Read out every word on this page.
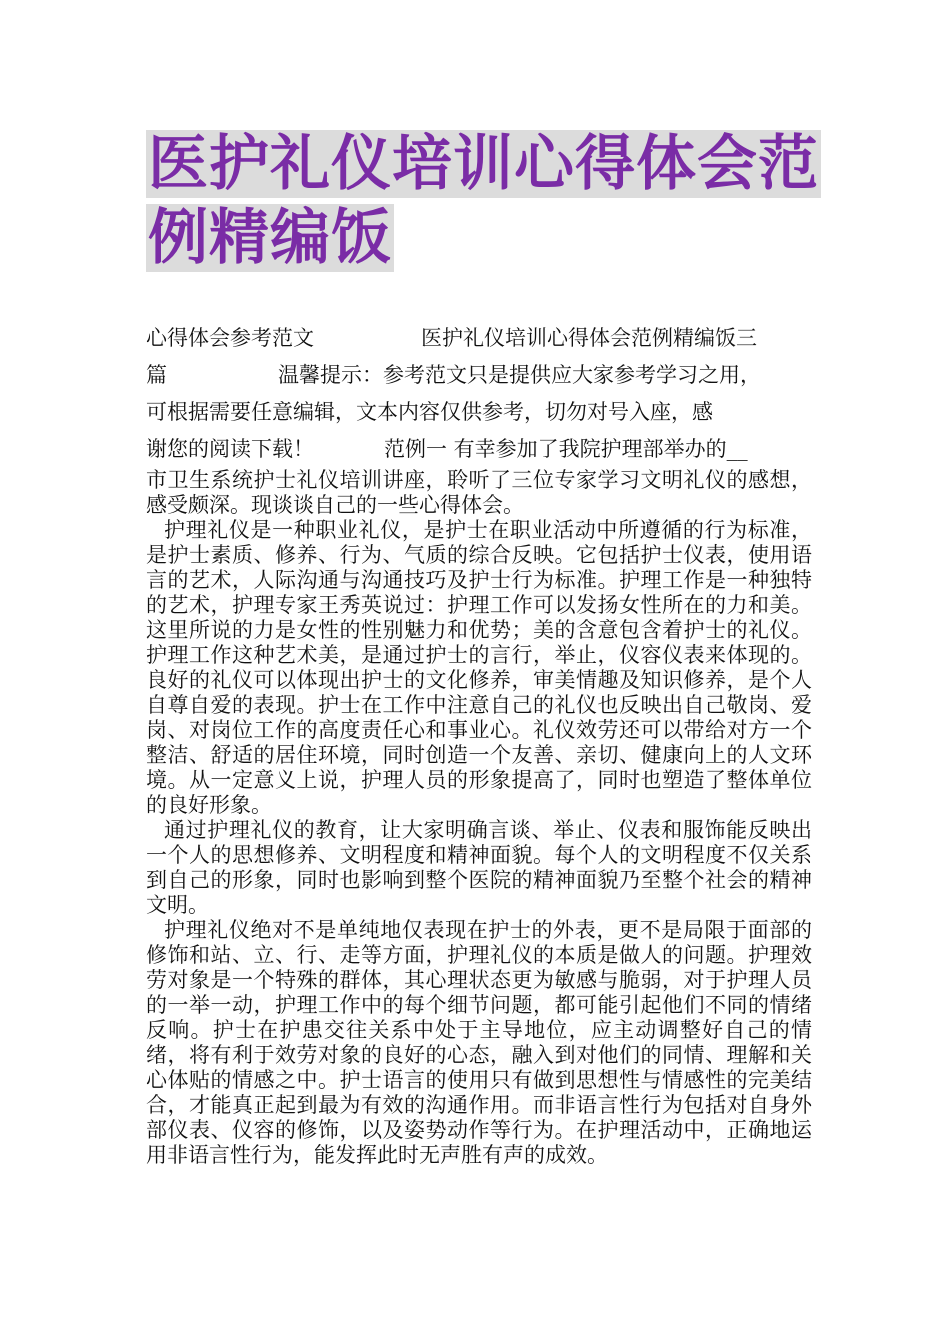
医护礼仪培训心得体会范
例精编饭
心得体会参考范文	医护礼仪培训心得体会范例精编饭三
篇	温馨提示：参考范文只是提供应大家参考学习之用，
可根据需要任意编辑，文本内容仅供参考，切勿对号入座，感
谢您的阅读下载！	范例一 有幸参加了我院护理部举办的__

市卫生系统护士礼仪培训讲座，聆听了三位专家学习文明礼仪的感想，感受颇深。现谈谈自己的一些心得体会。

护理礼仪是一种职业礼仪，是护士在职业活动中所遵循的行为标准，是护士素质、修养、行为、气质的综合反映。它包括护士仪表，使用语言的艺术，人际沟通与沟通技巧及护士行为标准。护理工作是一种独特的艺术，护理专家王秀英说过：护理工作可以发扬女性所在的力和美。这里所说的力是女性的性别魅力和优势；美的含意包含着护士的礼仪。护理工作这种艺术美，是通过护士的言行，举止，仪容仪表来体现的。良好的礼仪可以体现出护士的文化修养，审美情趣及知识修养，是个人自尊自爱的表现。护士在工作中注意自己的礼仪也反映出自己敬岗、爱岗、对岗位工作的高度责任心和事业心。礼仪效劳还可以带给对方一个整洁、舒适的居住环境，同时创造一个友善、亲切、健康向上的人文环境。从一定意义上说，护理人员的形象提高了，同时也塑造了整体单位的良好形象。

通过护理礼仪的教育，让大家明确言谈、举止、仪表和服饰能反映出一个人的思想修养、文明程度和精神面貌。每个人的文明程度不仅关系到自己的形象，同时也影响到整个医院的精神面貌乃至整个社会的精神文明。

护理礼仪绝对不是单纯地仅表现在护士的外表，更不是局限于面部的修饰和站、立、行、走等方面，护理礼仪的本质是做人的问题。护理效劳对象是一个特殊的群体，其心理状态更为敏感与脆弱，对于护理人员的一举一动，护理工作中的每个细节问题，都可能引起他们不同的情绪反响。护士在护患交往关系中处于主导地位，应主动调整好自己的情绪，将有利于效劳对象的良好的心态，融入到对他们的同情、理解和关心体贴的情感之中。护士语言的使用只有做到思想性与情感性的完美结合，才能真正起到最为有效的沟通作用。而非语言性行为包括对自身外部仪表、仪容的修饰，以及姿势动作等行为。在护理活动中，正确地运用非语言性行为，能发挥此时无声胜有声的成效。
